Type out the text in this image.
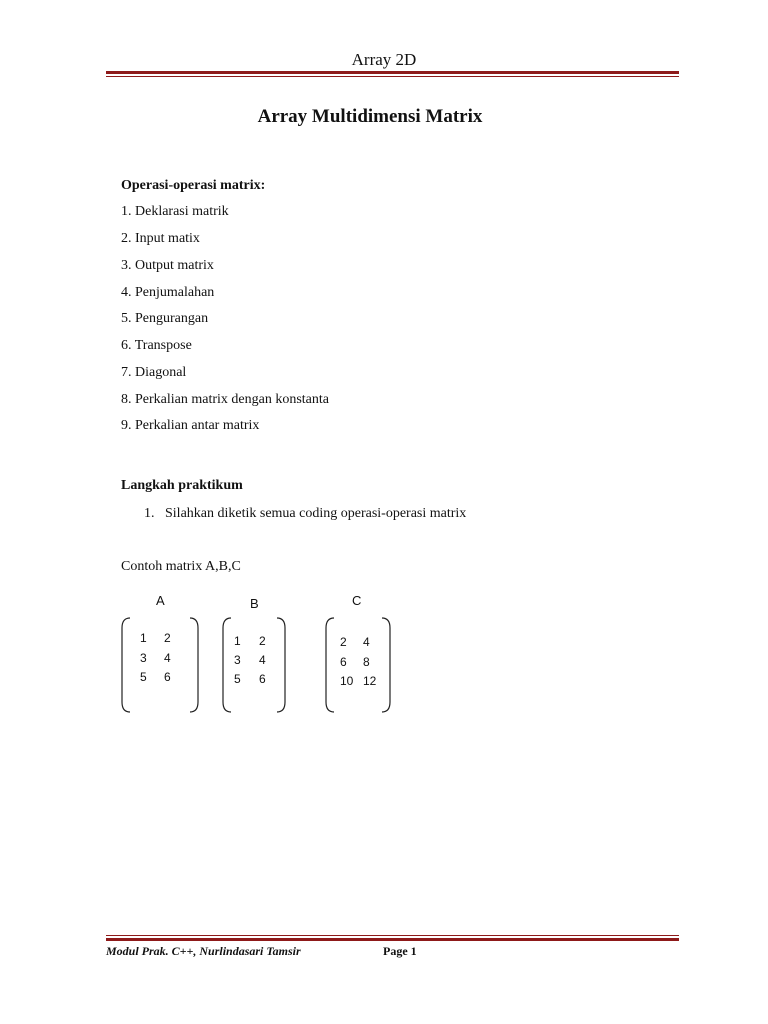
Array 2D
Array Multidimensi Matrix
Operasi-operasi matrix:
1. Deklarasi matrik
2. Input matix
3. Output matrix
4. Penjumalahan
5. Pengurangan
6. Transpose
7. Diagonal
8. Perkalian matrix dengan konstanta
9. Perkalian antar matrix
Langkah praktikum
1.   Silahkan diketik semua coding operasi-operasi matrix
Contoh matrix A,B,C
A
1 2
3 4
5 6
B
1 2
3 4
5 6
C
2 4
6 8
10 12
Modul Prak. C++, Nurlindasari Tamsir	Page 1
